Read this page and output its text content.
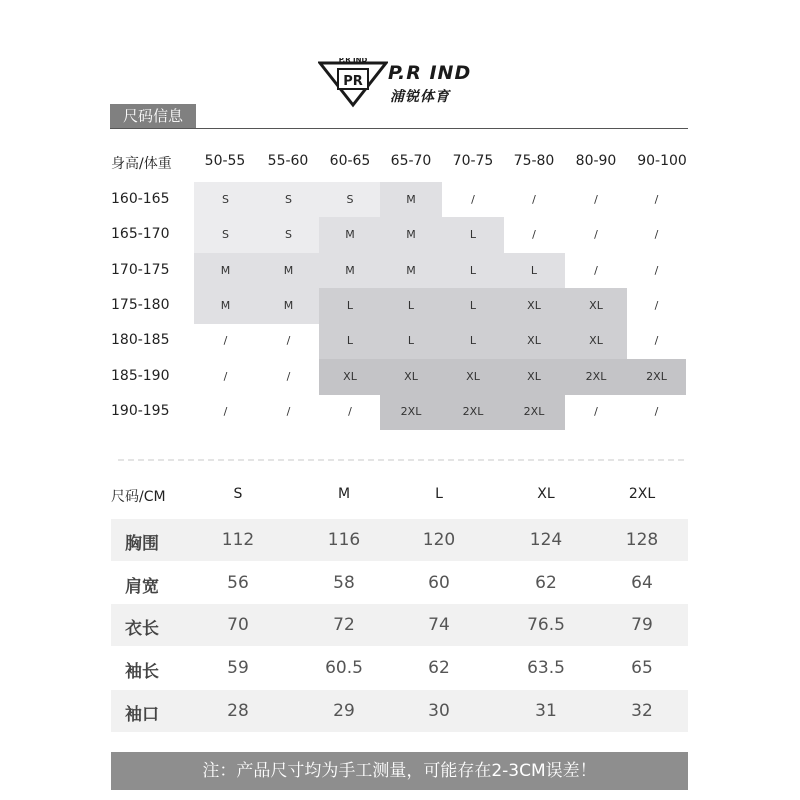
P.R IND
PR P.R IND
浦锐体育
尺码信息
身高/体重	50-55	55-60	60-65	65-70	70-75	75-80	80-90	90-100
160-165	S	S	S	M	/	/	/	/
165-170	S	S	M	M	L	/	/	/
170-175	M	M	M	M	L	L	/	/
175-180	M	M	L	L	L	XL	XL	/
180-185	/	/	L	L	L	XL	XL	/
185-190	/	/	XL	XL	XL	XL	2XL	2XL
190-195	/	/	/	2XL	2XL	2XL	/	/
尺码/CM	S	M	L	XL	2XL
胸围	112	116	120	124	128
肩宽	56	58	60	62	64
衣长	70	72	74	76.5	79
袖长	59	60.5	62	63.5	65
袖口	28	29	30	31	32
注：产品尺寸均为手工测量，可能存在2-3CM误差！
